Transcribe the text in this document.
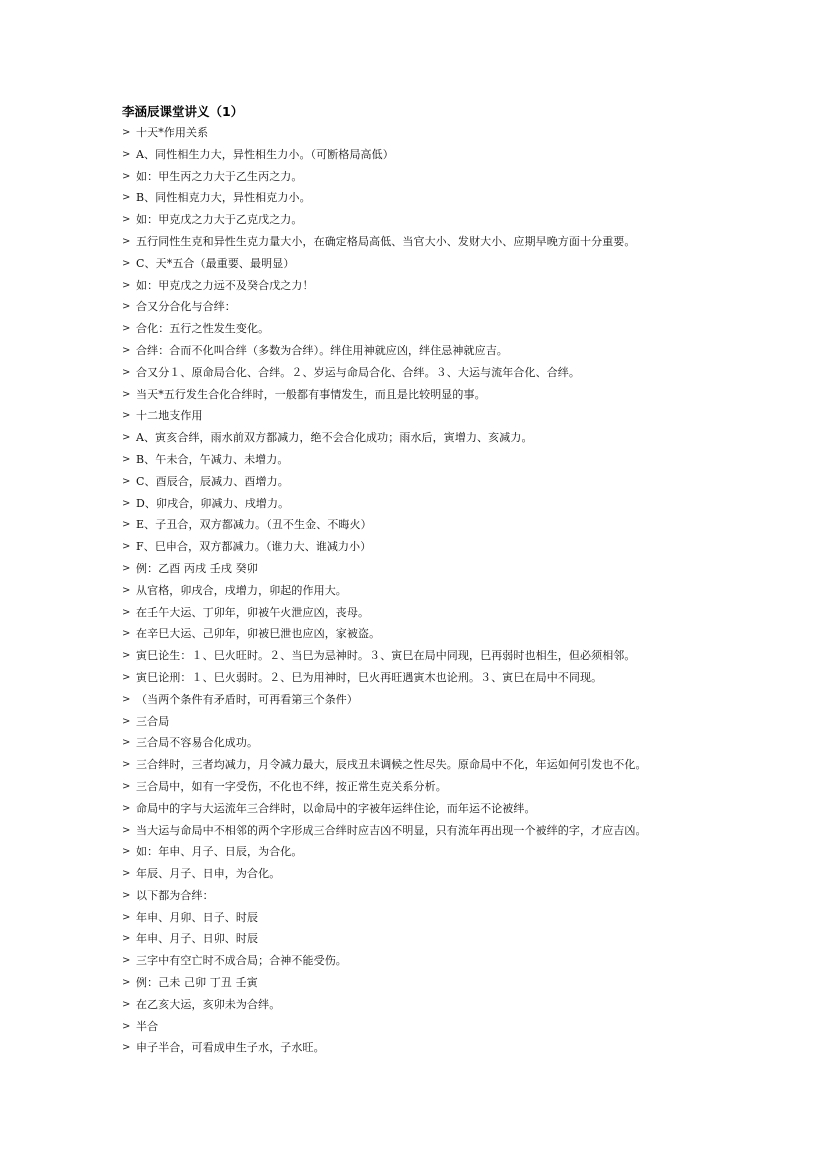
李涵辰课堂讲义（1）
> 十天*作用关系
> A、同性相生力大，异性相生力小。（可断格局高低）
> 如：甲生丙之力大于乙生丙之力。
> B、同性相克力大，异性相克力小。
> 如：甲克戊之力大于乙克戊之力。
> 五行同性生克和异性生克力量大小，在确定格局高低、当官大小、发财大小、应期早晚方面十分重要。
> C、天*五合（最重要、最明显）
> 如：甲克戊之力远不及癸合戊之力！
> 合又分合化与合绊：
> 合化：五行之性发生变化。
> 合绊：合而不化叫合绊（多数为合绊）。绊住用神就应凶，绊住忌神就应吉。
> 合又分１、原命局合化、合绊。２、岁运与命局合化、合绊。３、大运与流年合化、合绊。
> 当天*五行发生合化合绊时，一般都有事情发生，而且是比较明显的事。
> 十二地支作用
> A、寅亥合绊，雨水前双方都减力，绝不会合化成功；雨水后，寅增力、亥减力。
> B、午未合，午减力、未增力。
> C、酉辰合，辰减力、酉增力。
> D、卯戌合，卯减力、戌增力。
> E、子丑合，双方都减力。（丑不生金、不晦火）
> F、巳申合，双方都减力。（谁力大、谁减力小）
> 例：乙酉 丙戌 壬戌 癸卯
> 从官格，卯戌合，戌增力，卯起的作用大。
> 在壬午大运、丁卯年，卯被午火泄应凶，丧母。
> 在辛巳大运、己卯年，卯被巳泄也应凶，家被盗。
> 寅巳论生：１、巳火旺时。２、当巳为忌神时。３、寅巳在局中同现，巳再弱时也相生，但必须相邻。
> 寅巳论刑：１、巳火弱时。２、巳为用神时，巳火再旺遇寅木也论刑。３、寅巳在局中不同现。
> （当两个条件有矛盾时，可再看第三个条件）
> 三合局
> 三合局不容易合化成功。
> 三合绊时，三者均减力，月令减力最大，辰戌丑未调候之性尽失。原命局中不化，年运如何引发也不化。
> 三合局中，如有一字受伤，不化也不绊，按正常生克关系分析。
> 命局中的字与大运流年三合绊时，以命局中的字被年运绊住论，而年运不论被绊。
> 当大运与命局中不相邻的两个字形成三合绊时应吉凶不明显，只有流年再出现一个被绊的字，才应吉凶。
> 如：年申、月子、日辰，为合化。
> 年辰、月子、日申，为合化。
> 以下都为合绊：
> 年申、月卯、日子、时辰
> 年申、月子、日卯、时辰
> 三字中有空亡时不成合局；合神不能受伤。
> 例：己未 己卯 丁丑 壬寅
> 在乙亥大运，亥卯未为合绊。
> 半合
> 申子半合，可看成申生子水，子水旺。
